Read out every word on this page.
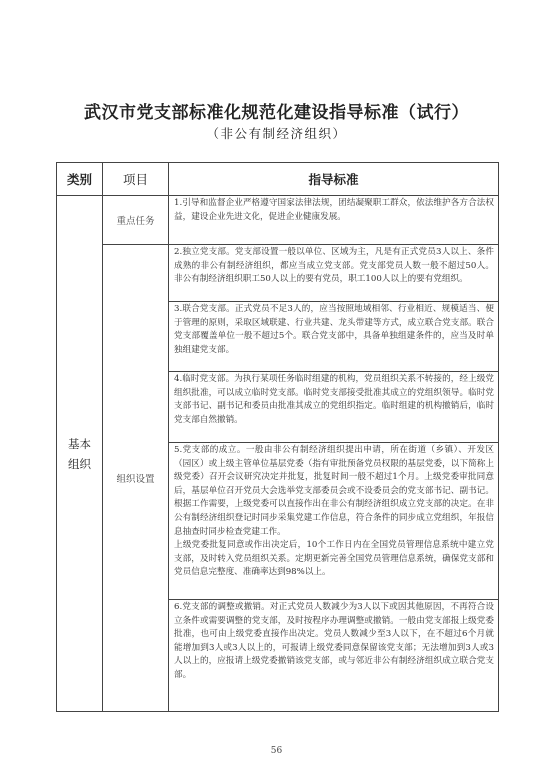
武汉市党支部标准化规范化建设指导标准（试行）
（非公有制经济组织）
类别	项目	指导标准
基本
组织	重点任务	1.引导和监督企业严格遵守国家法律法规，团结凝聚职工群众，依法维护各方合法权益，建设企业先进文化，促进企业健康发展。
	组织设置	2.独立党支部。党支部设置一般以单位、区域为主，凡是有正式党员3人以上、条件成熟的非公有制经济组织，都应当成立党支部。党支部党员人数一般不超过50人。非公有制经济组织职工50人以上的要有党员，职工100人以上的要有党组织。
		3.联合党支部。正式党员不足3人的，应当按照地域相邻、行业相近、规模适当、便于管理的原则，采取区域联建、行业共建、龙头带建等方式，成立联合党支部。联合党支部覆盖单位一般不超过5个。联合党支部中，具备单独组建条件的，应当及时单独组建党支部。
		4.临时党支部。为执行某项任务临时组建的机构，党员组织关系不转接的，经上级党组织批准，可以成立临时党支部。临时党支部接受批准其成立的党组织领导。临时党支部书记、副书记和委员由批准其成立的党组织指定。临时组建的机构撤销后，临时党支部自然撤销。
		5.党支部的成立。一般由非公有制经济组织提出申请，所在街道（乡镇）、开发区（园区）或上级主管单位基层党委（指有审批预备党员权限的基层党委，以下简称上级党委）召开会议研究决定并批复，批复时间一般不超过1个月。上级党委审批同意后，基层单位召开党员大会选举党支部委员会或不设委员会的党支部书记、副书记。根据工作需要，上级党委可以直接作出在非公有制经济组织成立党支部的决定。在非公有制经济组织登记时同步采集党建工作信息，符合条件的同步成立党组织，年报信息抽查时同步检查党建工作。
上级党委批复同意或作出决定后，10个工作日内在全国党员管理信息系统中建立党支部，及时转入党员组织关系。定期更新完善全国党员管理信息系统，确保党支部和党员信息完整度、准确率达到98%以上。
		6.党支部的调整或撤销。对正式党员人数减少为3人以下或因其他原因，不再符合设立条件或需要调整的党支部，及时按程序办理调整或撤销。一般由党支部报上级党委批准，也可由上级党委直接作出决定。党员人数减少至3人以下，在不超过6个月就能增加到3人或3人以上的，可报请上级党委同意保留该党支部；无法增加到3人或3人以上的，应报请上级党委撤销该党支部，或与邻近非公有制经济组织成立联合党支部。
56
